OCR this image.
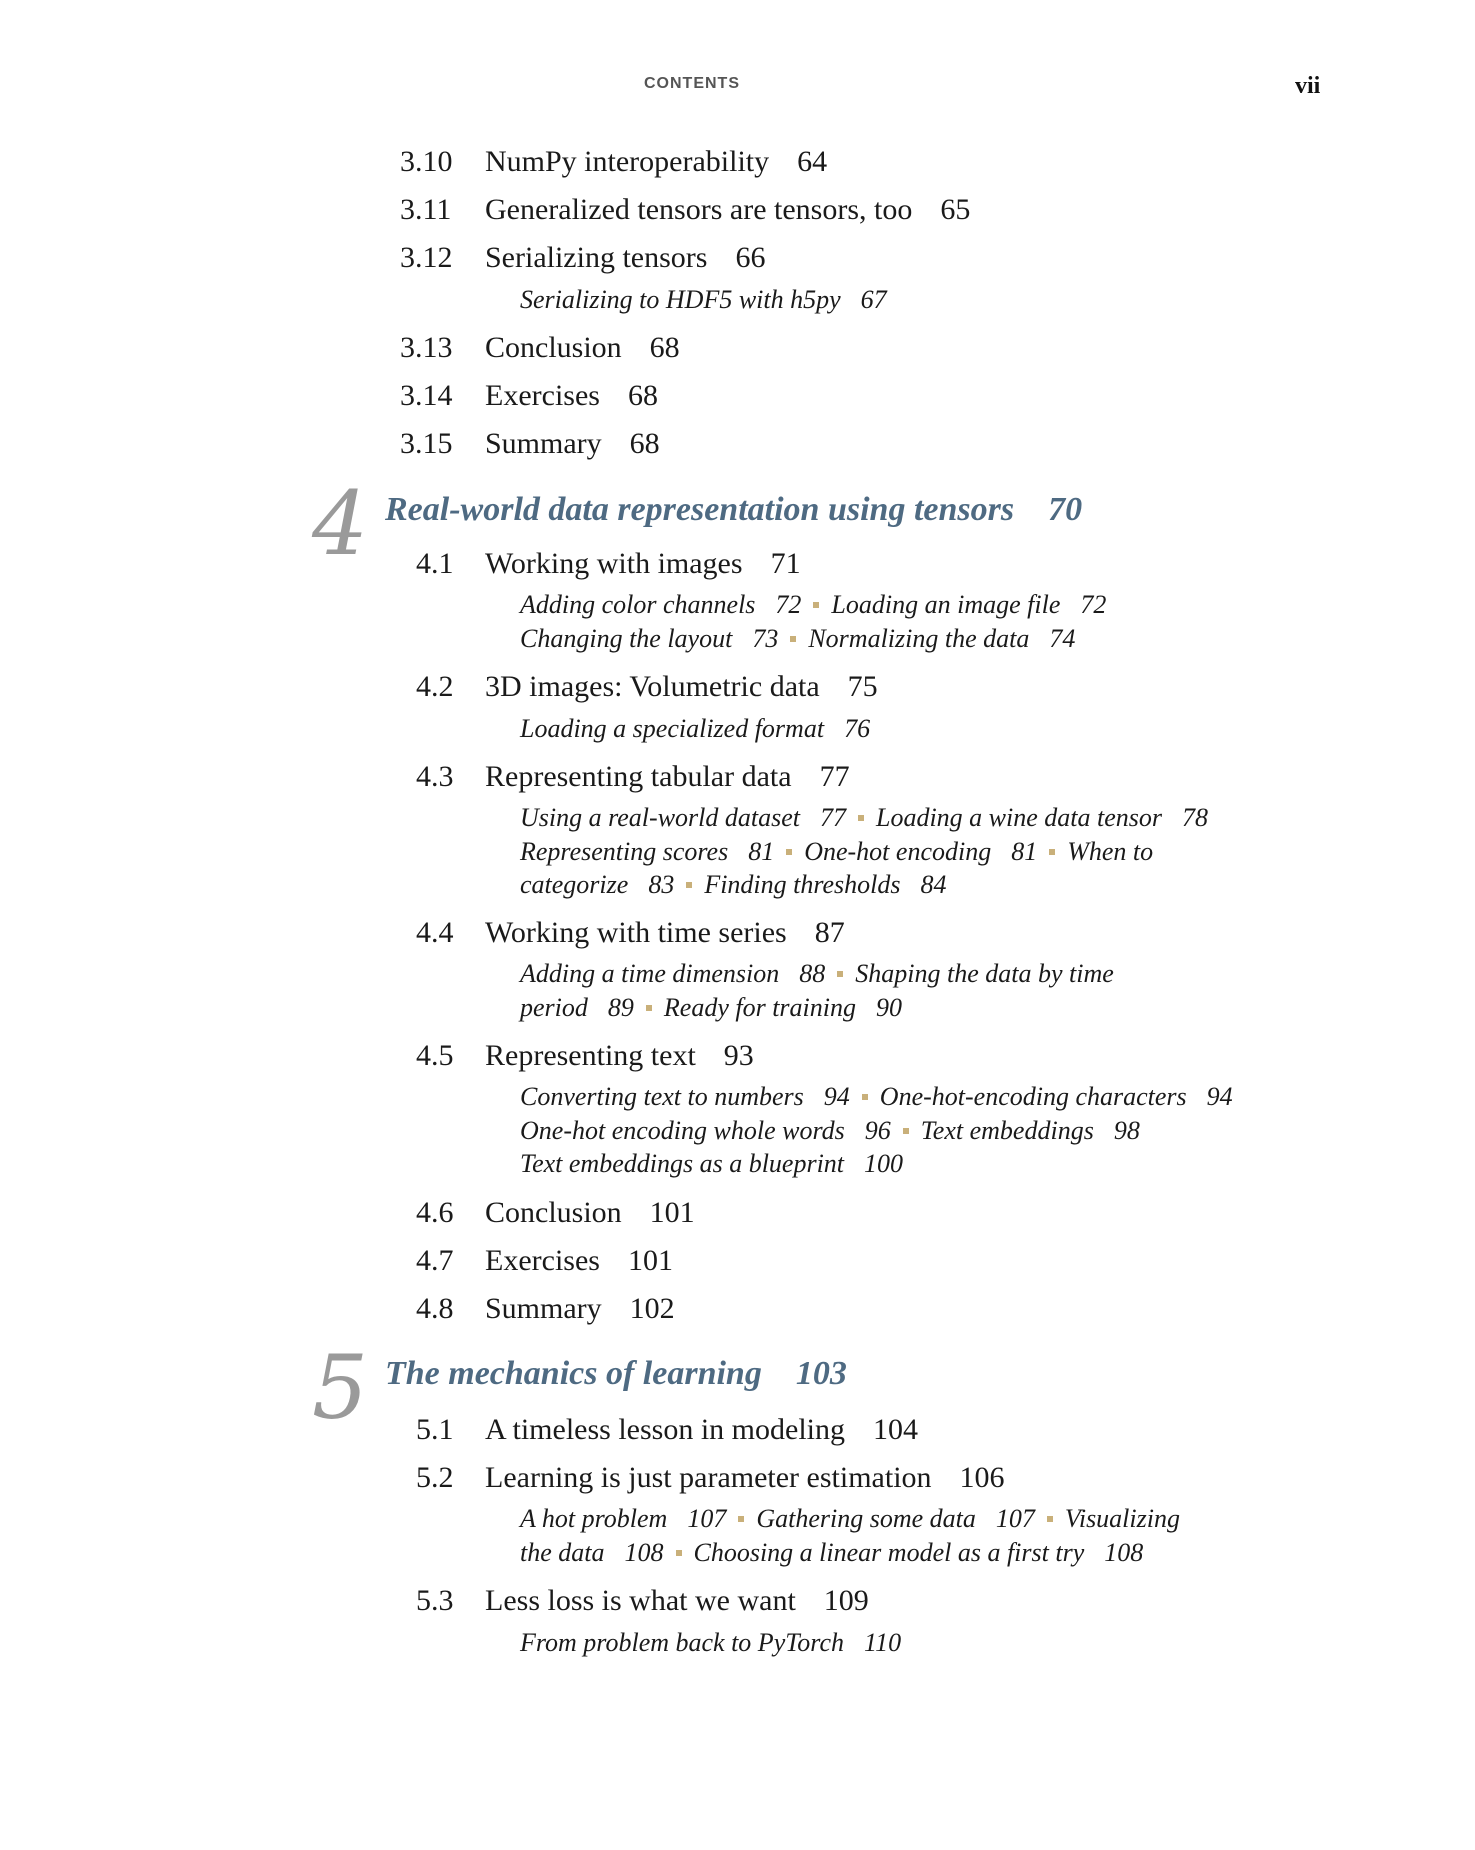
CONTENTS	vii
3.10 NumPy interoperability 64
3.11 Generalized tensors are tensors, too 65
3.12 Serializing tensors 66
Serializing to HDF5 with h5py 67
3.13 Conclusion 68
3.14 Exercises 68
3.15 Summary 68
4 Real-world data representation using tensors 70
4.1 Working with images 71
Adding color channels 72 Loading an image file 72
Changing the layout 73 Normalizing the data 74
4.2 3D images: Volumetric data 75
Loading a specialized format 76
4.3 Representing tabular data 77
Using a real-world dataset 77 Loading a wine data tensor 78
Representing scores 81 One-hot encoding 81 When to
categorize 83 Finding thresholds 84
4.4 Working with time series 87
Adding a time dimension 88 Shaping the data by time
period 89 Ready for training 90
4.5 Representing text 93
Converting text to numbers 94 One-hot-encoding characters 94
One-hot encoding whole words 96 Text embeddings 98
Text embeddings as a blueprint 100
4.6 Conclusion 101
4.7 Exercises 101
4.8 Summary 102
5 The mechanics of learning 103
5.1 A timeless lesson in modeling 104
5.2 Learning is just parameter estimation 106
A hot problem 107 Gathering some data 107 Visualizing
the data 108 Choosing a linear model as a first try 108
5.3 Less loss is what we want 109
From problem back to PyTorch 110
